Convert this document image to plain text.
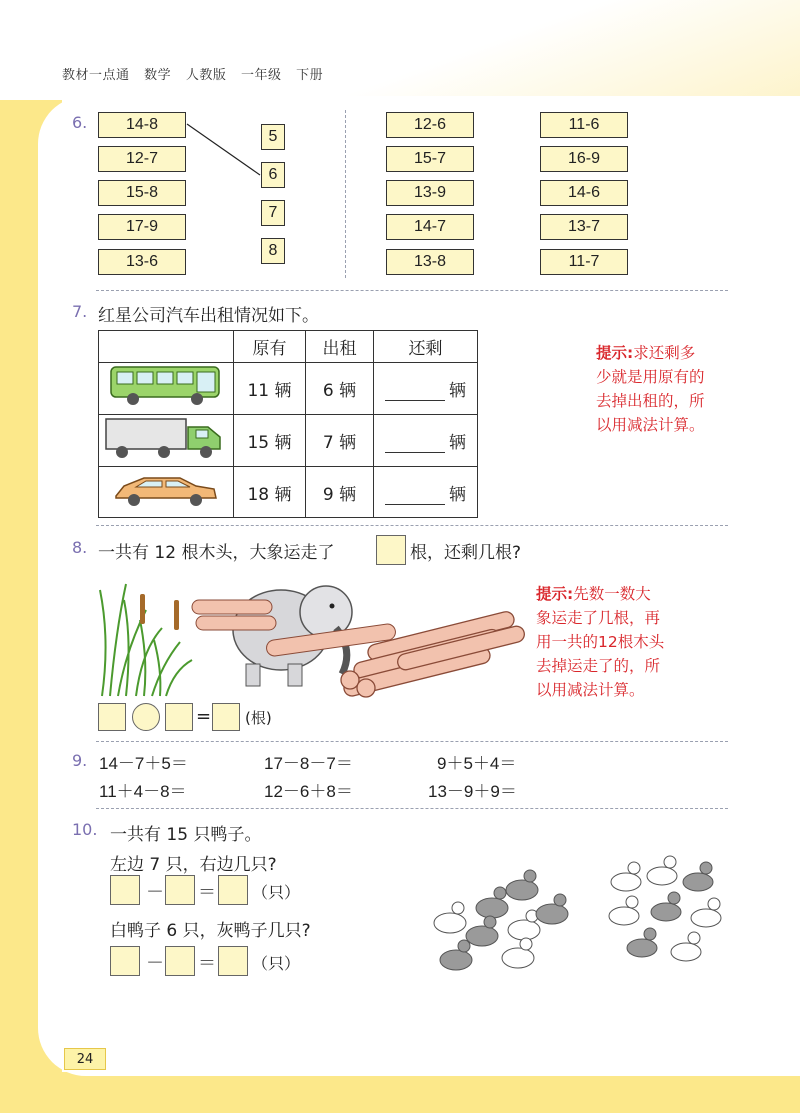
教材一点通 数学 人教版 一年级 下册
6.	14-8
12-7
15-8
17-9
13-6
5
6
7
8
12-6
15-7
13-9
14-7
13-8
11-6
16-9
14-6
13-7
11-7
7. 红星公司汽车出租情况如下。
	原有	出租	还剩
	11 辆	6 辆	辆
	15 辆	7 辆	辆
	18 辆	9 辆	辆
提示:求还剩多
少就是用原有的
去掉出租的，所
以用减法计算。
8. 一共有 12 根木头，大象运走了	根，还剩几根?
提示:先数一数大
象运走了几根，再
用一共的12根木头
去掉运走了的，所
以用减法计算。
= (根)
9. 14－7＋5＝	17－8－7＝	9＋5＋4＝
11＋4－8＝	12－6＋8＝	13－9＋9＝
10. 一共有 15 只鸭子。
左边 7 只，右边几只?
－ ＝ （只）
白鸭子 6 只，灰鸭子几只?
－ ＝ （只）
24
